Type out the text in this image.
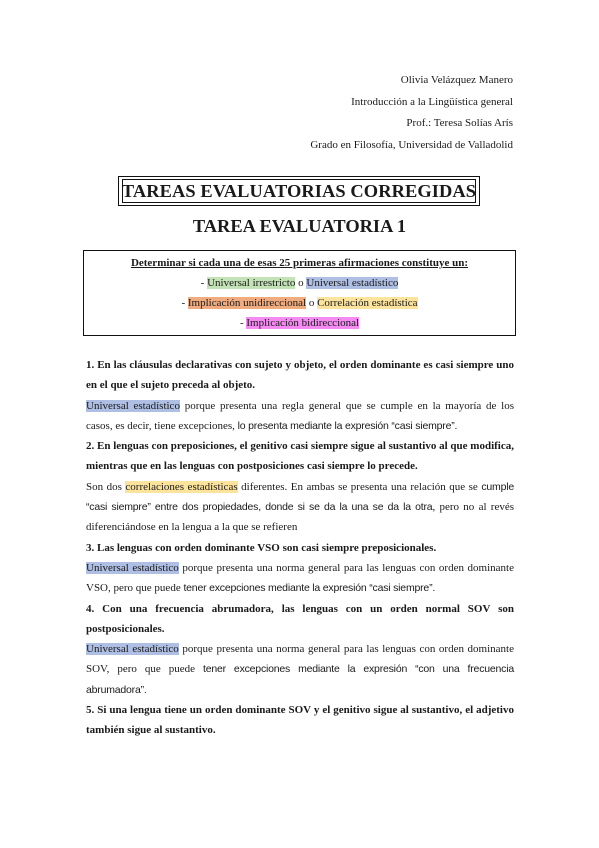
Olivia Velázquez Manero
Introducción a la Lingüística general
Prof.: Teresa Solías Arís
Grado en Filosofía, Universidad de Valladolid
TAREAS EVALUATORIAS CORREGIDAS
TAREA EVALUATORIA 1
Determinar si cada una de esas 25 primeras afirmaciones constituye un:
- Universal irrestricto o Universal estadístico
- Implicación unidireccional o Correlación estadística
- Implicación bidireccional

1. En las cláusulas declarativas con sujeto y objeto, el orden dominante es casi siempre uno en el que el sujeto preceda al objeto.

Universal estadístico porque presenta una regla general que se cumple en la mayoría de los casos, es decir, tiene excepciones, lo presenta mediante la expresión “casi siempre”.

2. En lenguas con preposiciones, el genitivo casi siempre sigue al sustantivo al que modifica, mientras que en las lenguas con postposiciones casi siempre lo precede.

Son dos correlaciones estadísticas diferentes. En ambas se presenta una relación que se cumple “casi siempre” entre dos propiedades, donde si se da la una se da la otra, pero no al revés diferenciándose en la lengua a la que se refieren

3. Las lenguas con orden dominante VSO son casi siempre preposicionales.

Universal estadístico porque presenta una norma general para las lenguas con orden dominante VSO, pero que puede tener excepciones mediante la expresión “casi siempre”.

4. Con una frecuencia abrumadora, las lenguas con un orden normal SOV son postposicionales.

Universal estadístico porque presenta una norma general para las lenguas con orden dominante SOV, pero que puede tener excepciones mediante la expresión “con una frecuencia abrumadora”.

5. Si una lengua tiene un orden dominante SOV y el genitivo sigue al sustantivo, el adjetivo también sigue al sustantivo.
